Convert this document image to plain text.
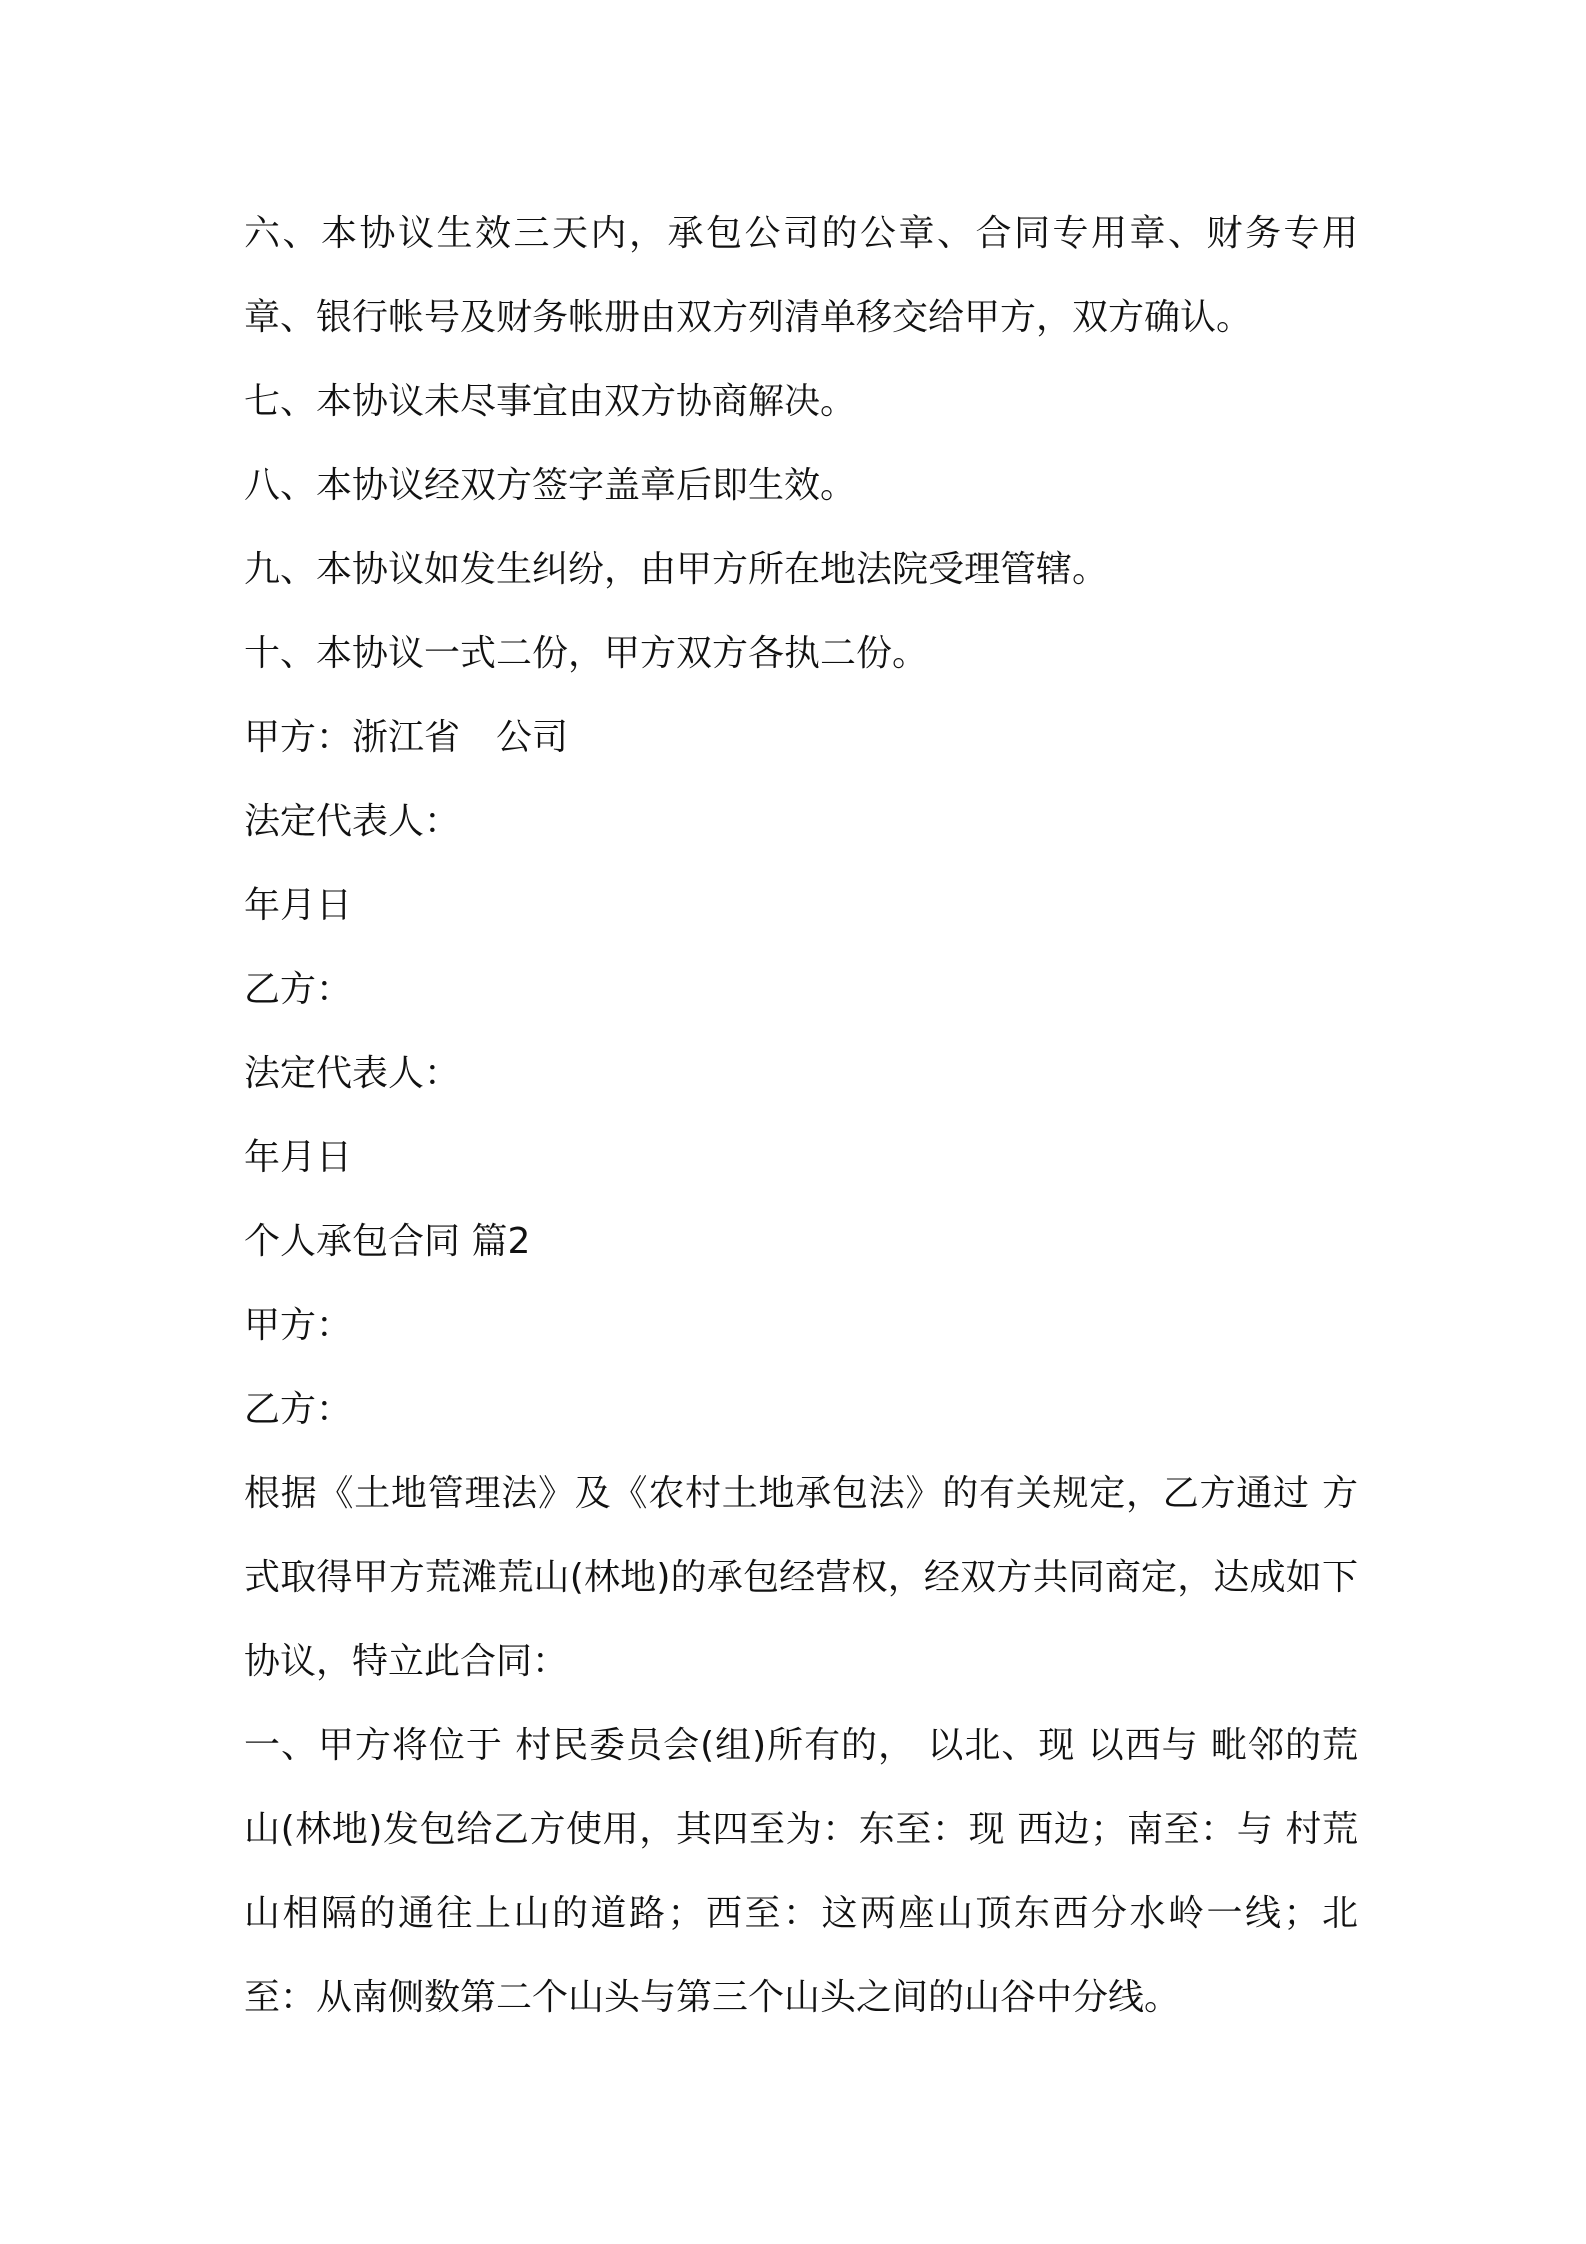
六、本协议生效三天内，承包公司的公章、合同专用章、财务专用章、银行帐号及财务帐册由双方列清单移交给甲方，双方确认。

七、本协议未尽事宜由双方协商解决。

八、本协议经双方签字盖章后即生效。

九、本协议如发生纠纷，由甲方所在地法院受理管辖。

十、本协议一式二份，甲方双方各执二份。

甲方：浙江省　公司

法定代表人：

年月日

乙方：

法定代表人：

年月日

个人承包合同 篇2

甲方：

乙方：

根据《土地管理法》及《农村土地承包法》的有关规定，乙方通过 方式取得甲方荒滩荒山(林地)的承包经营权，经双方共同商定，达成如下协议，特立此合同：

一、甲方将位于 村民委员会(组)所有的， 以北、现 以西与 毗邻的荒山(林地)发包给乙方使用，其四至为：东至：现 西边；南至：与 村荒山相隔的通往上山的道路；西至：这两座山顶东西分水岭一线；北至：从南侧数第二个山头与第三个山头之间的山谷中分线。
